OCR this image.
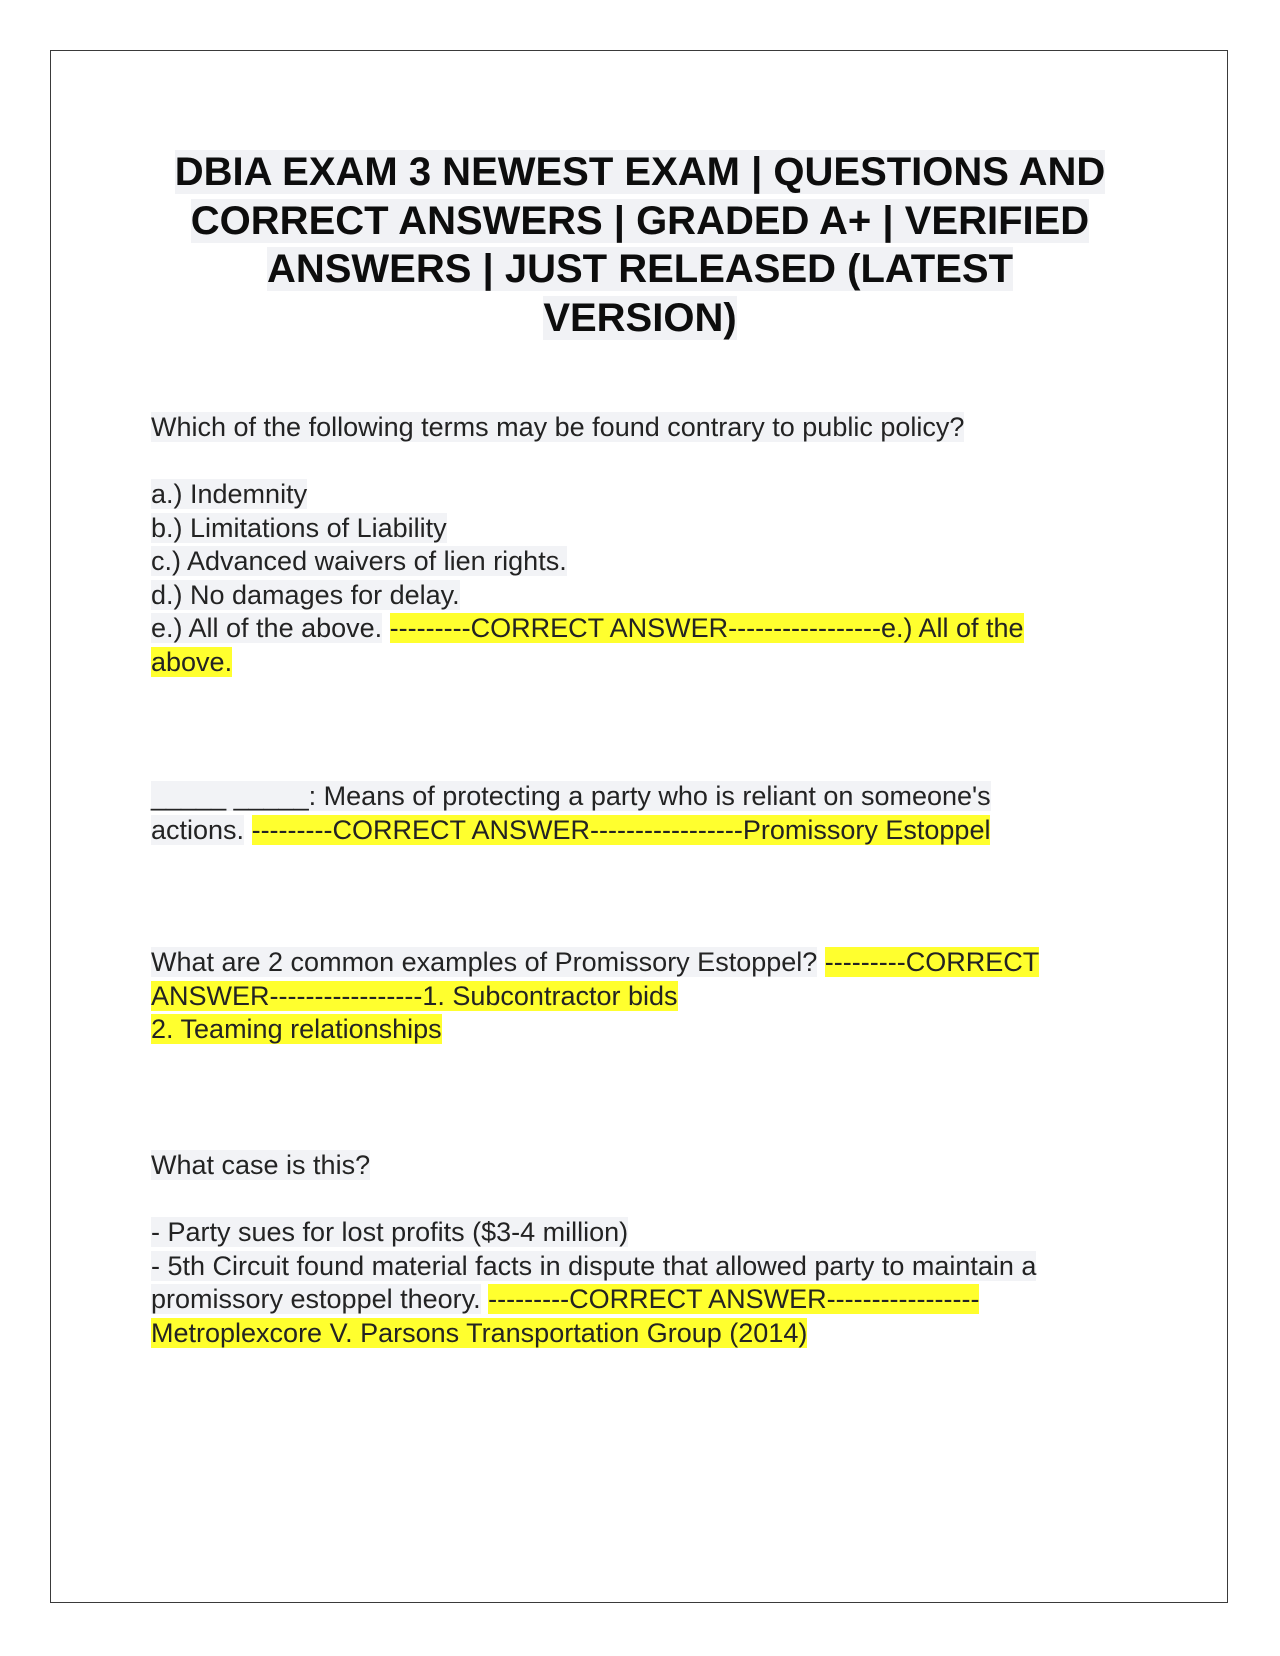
DBIA EXAM 3 NEWEST EXAM | QUESTIONS AND
CORRECT ANSWERS | GRADED A+ | VERIFIED
ANSWERS | JUST RELEASED (LATEST
VERSION)
Which of the following terms may be found contrary to public policy?

a.) Indemnity

b.) Limitations of Liability

c.) Advanced waivers of lien rights.

d.) No damages for delay.

e.) All of the above. ---------CORRECT ANSWER-----------------e.) All of the

above.

_____ _____: Means of protecting a party who is reliant on someone's

actions. ---------CORRECT ANSWER-----------------Promissory Estoppel

What are 2 common examples of Promissory Estoppel? ---------CORRECT

ANSWER-----------------1. Subcontractor bids

2. Teaming relationships

What case is this?

- Party sues for lost profits ($3-4 million)

- 5th Circuit found material facts in dispute that allowed party to maintain a

promissory estoppel theory. ---------CORRECT ANSWER-----------------

Metroplexcore V. Parsons Transportation Group (2014)
